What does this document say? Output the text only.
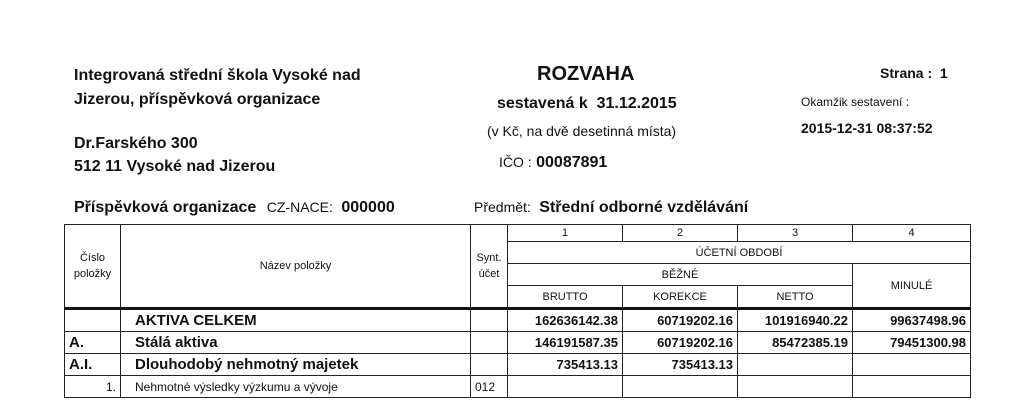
Integrovaná střední škola Vysoké nad
Jizerou, příspěvková organizace
Dr.Farského 300
512 11 Vysoké nad Jizerou
ROZVAHA
sestavená k 31.12.2015
(v Kč, na dvě desetinná místa)
IČO : 00087891
Strana : 1
Okamžik sestavení :
2015-12-31 08:37:52
Příspěvková organizace CZ-NACE: 000000	Předmět: Střední odborné vzdělávání
Číslo položky	Název položky	Synt. účet	1	2	3	4
			ÚČETNÍ OBDOBÍ			
			BĚŽNÉ			MINULÉ
			BRUTTO	KOREKCE	NETTO	
	AKTIVA CELKEM		162636142.38	60719202.16	101916940.22	99637498.96
A.	Stálá aktiva		146191587.35	60719202.16	85472385.19	79451300.98
A.I.	Dlouhodobý nehmotný majetek		735413.13	735413.13		
1.	Nehmotné výsledky výzkumu a vývoje	012				
